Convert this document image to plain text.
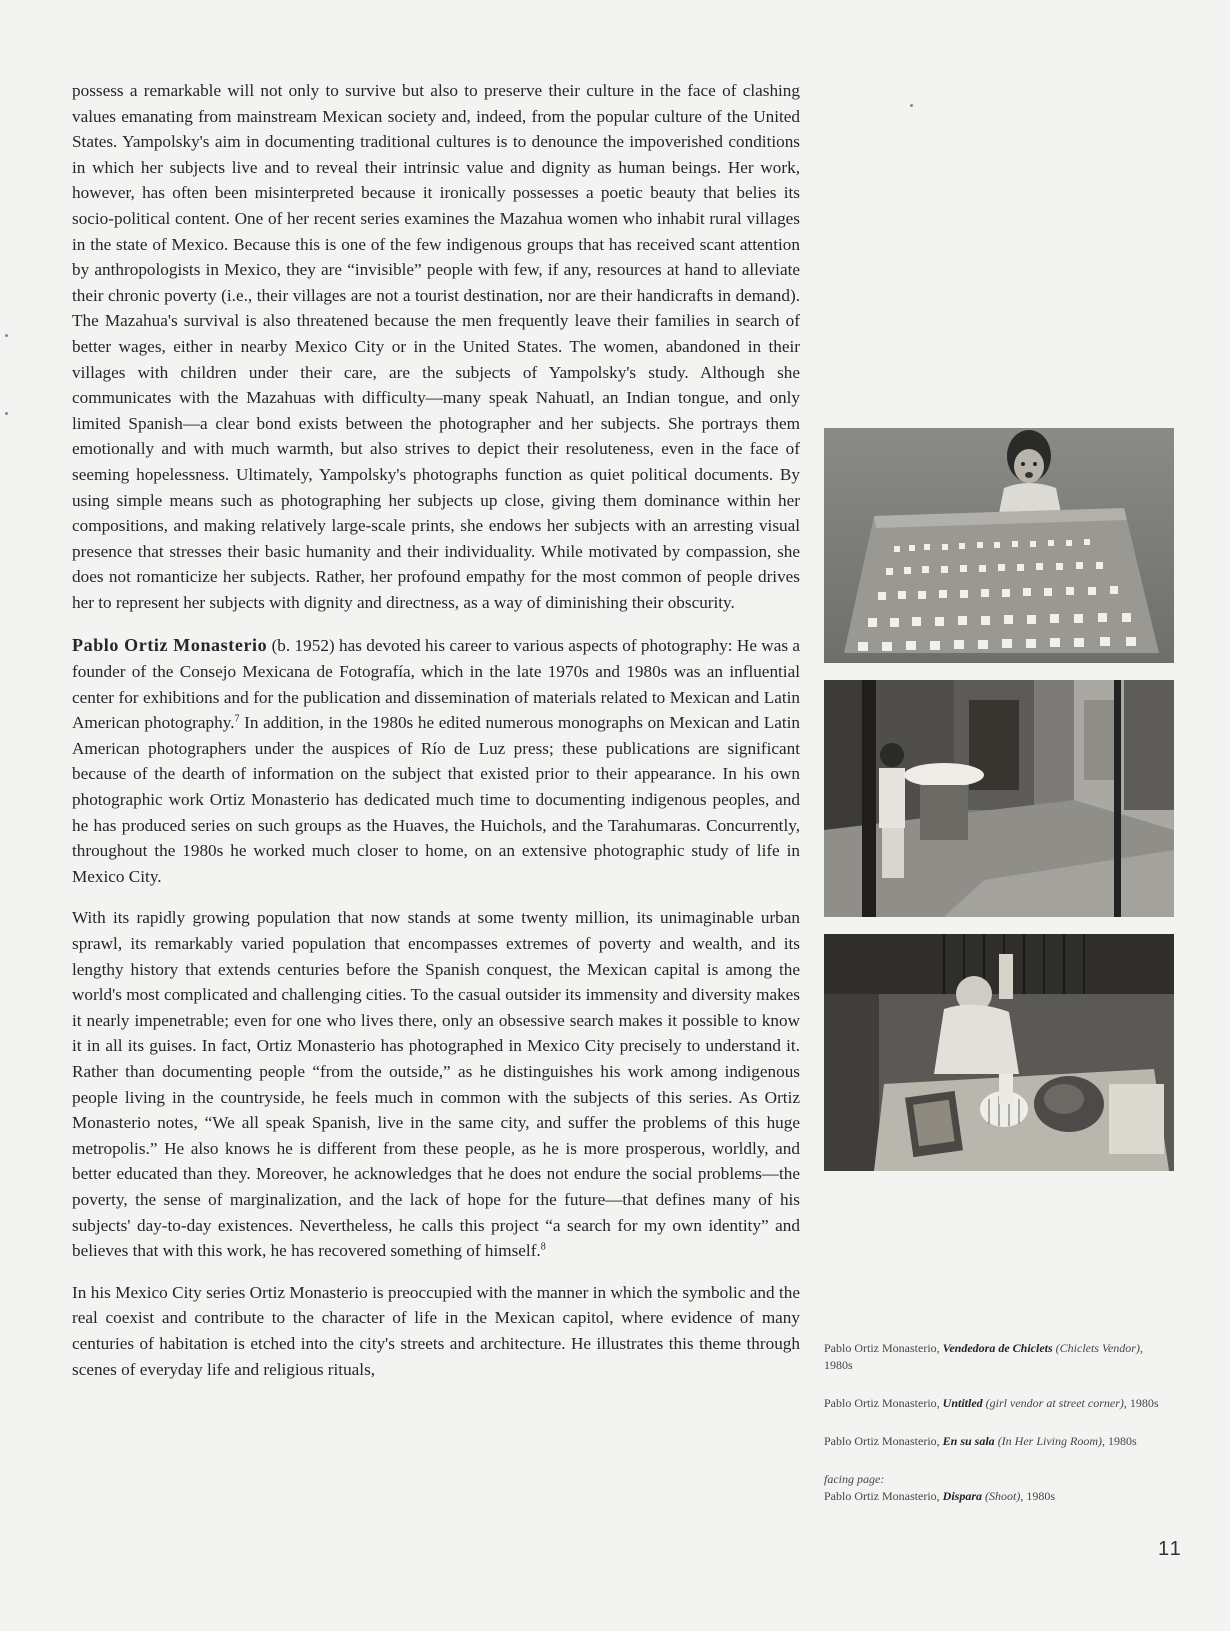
possess a remarkable will not only to survive but also to preserve their culture in the face of clashing values emanating from mainstream Mexican society and, indeed, from the popular culture of the United States. Yampolsky's aim in documenting traditional cultures is to denounce the impoverished conditions in which her subjects live and to reveal their intrinsic value and dignity as human beings. Her work, however, has often been misinterpreted because it ironically possesses a poetic beauty that belies its socio-political content. One of her recent series examines the Mazahua women who inhabit rural villages in the state of Mexico. Because this is one of the few indigenous groups that has received scant attention by anthropologists in Mexico, they are “invisible” people with few, if any, resources at hand to alleviate their chronic poverty (i.e., their villages are not a tourist destination, nor are their handicrafts in demand). The Mazahua's survival is also threatened because the men frequently leave their families in search of better wages, either in nearby Mexico City or in the United States. The women, abandoned in their villages with children under their care, are the subjects of Yampolsky's study. Although she communicates with the Mazahuas with difficulty—many speak Nahuatl, an Indian tongue, and only limited Spanish—a clear bond exists between the photographer and her subjects. She portrays them emotionally and with much warmth, but also strives to depict their resoluteness, even in the face of seeming hopelessness. Ultimately, Yampolsky's photographs function as quiet political documents. By using simple means such as photographing her subjects up close, giving them dominance within her compositions, and making relatively large-scale prints, she endows her subjects with an arresting visual presence that stresses their basic humanity and their individuality. While motivated by compassion, she does not romanticize her subjects. Rather, her profound empathy for the most common of people drives her to represent her subjects with dignity and directness, as a way of diminishing their obscurity.

Pablo Ortiz Monasterio (b. 1952) has devoted his career to various aspects of photography: He was a founder of the Consejo Mexicana de Fotografía, which in the late 1970s and 1980s was an influential center for exhibitions and for the publication and dissemination of materials related to Mexican and Latin American photography.$^7$ In addition, in the 1980s he edited numerous monographs on Mexican and Latin American photographers under the auspices of Río de Luz press; these publications are significant because of the dearth of information on the subject that existed prior to their appearance. In his own photographic work Ortiz Monasterio has dedicated much time to documenting indigenous peoples, and he has produced series on such groups as the Huaves, the Huichols, and the Tarahumaras. Concurrently, throughout the 1980s he worked much closer to home, on an extensive photographic study of life in Mexico City.

With its rapidly growing population that now stands at some twenty million, its unimaginable urban sprawl, its remarkably varied population that encompasses extremes of poverty and wealth, and its lengthy history that extends centuries before the Spanish conquest, the Mexican capital is among the world's most complicated and challenging cities. To the casual outsider its immensity and diversity makes it nearly impenetrable; even for one who lives there, only an obsessive search makes it possible to know it in all its guises. In fact, Ortiz Monasterio has photographed in Mexico City precisely to understand it. Rather than documenting people “from the outside,” as he distinguishes his work among indigenous people living in the countryside, he feels much in common with the subjects of this series. As Ortiz Monasterio notes, “We all speak Spanish, live in the same city, and suffer the problems of this huge metropolis.” He also knows he is different from these people, as he is more prosperous, worldly, and better educated than they. Moreover, he acknowledges that he does not endure the social problems—the poverty, the sense of marginalization, and the lack of hope for the future—that defines many of his subjects' day-to-day existences. Nevertheless, he calls this project “a search for my own identity” and believes that with this work, he has recovered something of himself.$^8$

In his Mexico City series Ortiz Monasterio is preoccupied with the manner in which the symbolic and the real coexist and contribute to the character of life in the Mexican capitol, where evidence of many centuries of habitation is etched into the city's streets and architecture. He illustrates this theme through scenes of everyday life and religious rituals,

Pablo Ortiz Monasterio, Vendedora de Chiclets (Chiclets Vendor), 1980s
Pablo Ortiz Monasterio, Untitled (girl vendor at street corner), 1980s
Pablo Ortiz Monasterio, En su sala (In Her Living Room), 1980s
facing page:
Pablo Ortiz Monasterio, Dispara (Shoot), 1980s
11
